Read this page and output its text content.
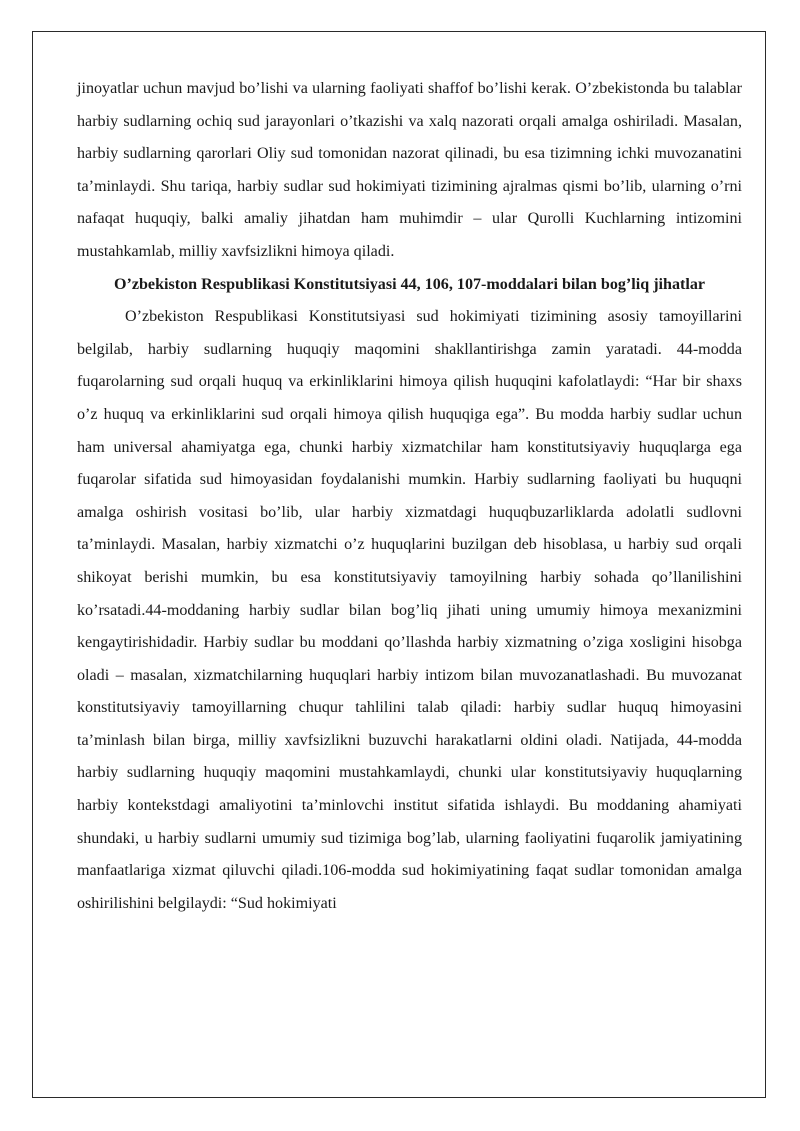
jinoyatlar uchun mavjud bo’lishi va ularning faoliyati shaffof bo’lishi kerak. O’zbekistonda bu talablar harbiy sudlarning ochiq sud jarayonlari o’tkazishi va xalq nazorati orqali amalga oshiriladi. Masalan, harbiy sudlarning qarorlari Oliy sud tomonidan nazorat qilinadi, bu esa tizimning ichki muvozanatini ta’minlaydi. Shu tariqa, harbiy sudlar sud hokimiyati tizimining ajralmas qismi bo’lib, ularning o’rni nafaqat huquqiy, balki amaliy jihatdan ham muhimdir – ular Qurolli Kuchlarning intizomini mustahkamlab, milliy xavfsizlikni himoya qiladi.

O’zbekiston Respublikasi Konstitutsiyasi 44, 106, 107-moddalari bilan bog’liq jihatlar

O’zbekiston Respublikasi Konstitutsiyasi sud hokimiyati tizimining asosiy tamoyillarini belgilab, harbiy sudlarning huquqiy maqomini shakllantirishga zamin yaratadi. 44-modda fuqarolarning sud orqali huquq va erkinliklarini himoya qilish huquqini kafolatlaydi: “Har bir shaxs o’z huquq va erkinliklarini sud orqali himoya qilish huquqiga ega”. Bu modda harbiy sudlar uchun ham universal ahamiyatga ega, chunki harbiy xizmatchilar ham konstitutsiyaviy huquqlarga ega fuqarolar sifatida sud himoyasidan foydalanishi mumkin. Harbiy sudlarning faoliyati bu huquqni amalga oshirish vositasi bo’lib, ular harbiy xizmatdagi huquqbuzarliklarda adolatli sudlovni ta’minlaydi. Masalan, harbiy xizmatchi o’z huquqlarini buzilgan deb hisoblasa, u harbiy sud orqali shikoyat berishi mumkin, bu esa konstitutsiyaviy tamoyilning harbiy sohada qo’llanilishini ko’rsatadi.44-moddaning harbiy sudlar bilan bog’liq jihati uning umumiy himoya mexanizmini kengaytirishidadir. Harbiy sudlar bu moddani qo’llashda harbiy xizmatning o’ziga xosligini hisobga oladi – masalan, xizmatchilarning huquqlari harbiy intizom bilan muvozanatlashadi. Bu muvozanat konstitutsiyaviy tamoyillarning chuqur tahlilini talab qiladi: harbiy sudlar huquq himoyasini ta’minlash bilan birga, milliy xavfsizlikni buzuvchi harakatlarni oldini oladi. Natijada, 44-modda harbiy sudlarning huquqiy maqomini mustahkamlaydi, chunki ular konstitutsiyaviy huquqlarning harbiy kontekstdagi amaliyotini ta’minlovchi institut sifatida ishlaydi. Bu moddaning ahamiyati shundaki, u harbiy sudlarni umumiy sud tizimiga bog’lab, ularning faoliyatini fuqarolik jamiyatining manfaatlariga xizmat qiluvchi qiladi.106-modda sud hokimiyatining faqat sudlar tomonidan amalga oshirilishini belgilaydi: “Sud hokimiyati
